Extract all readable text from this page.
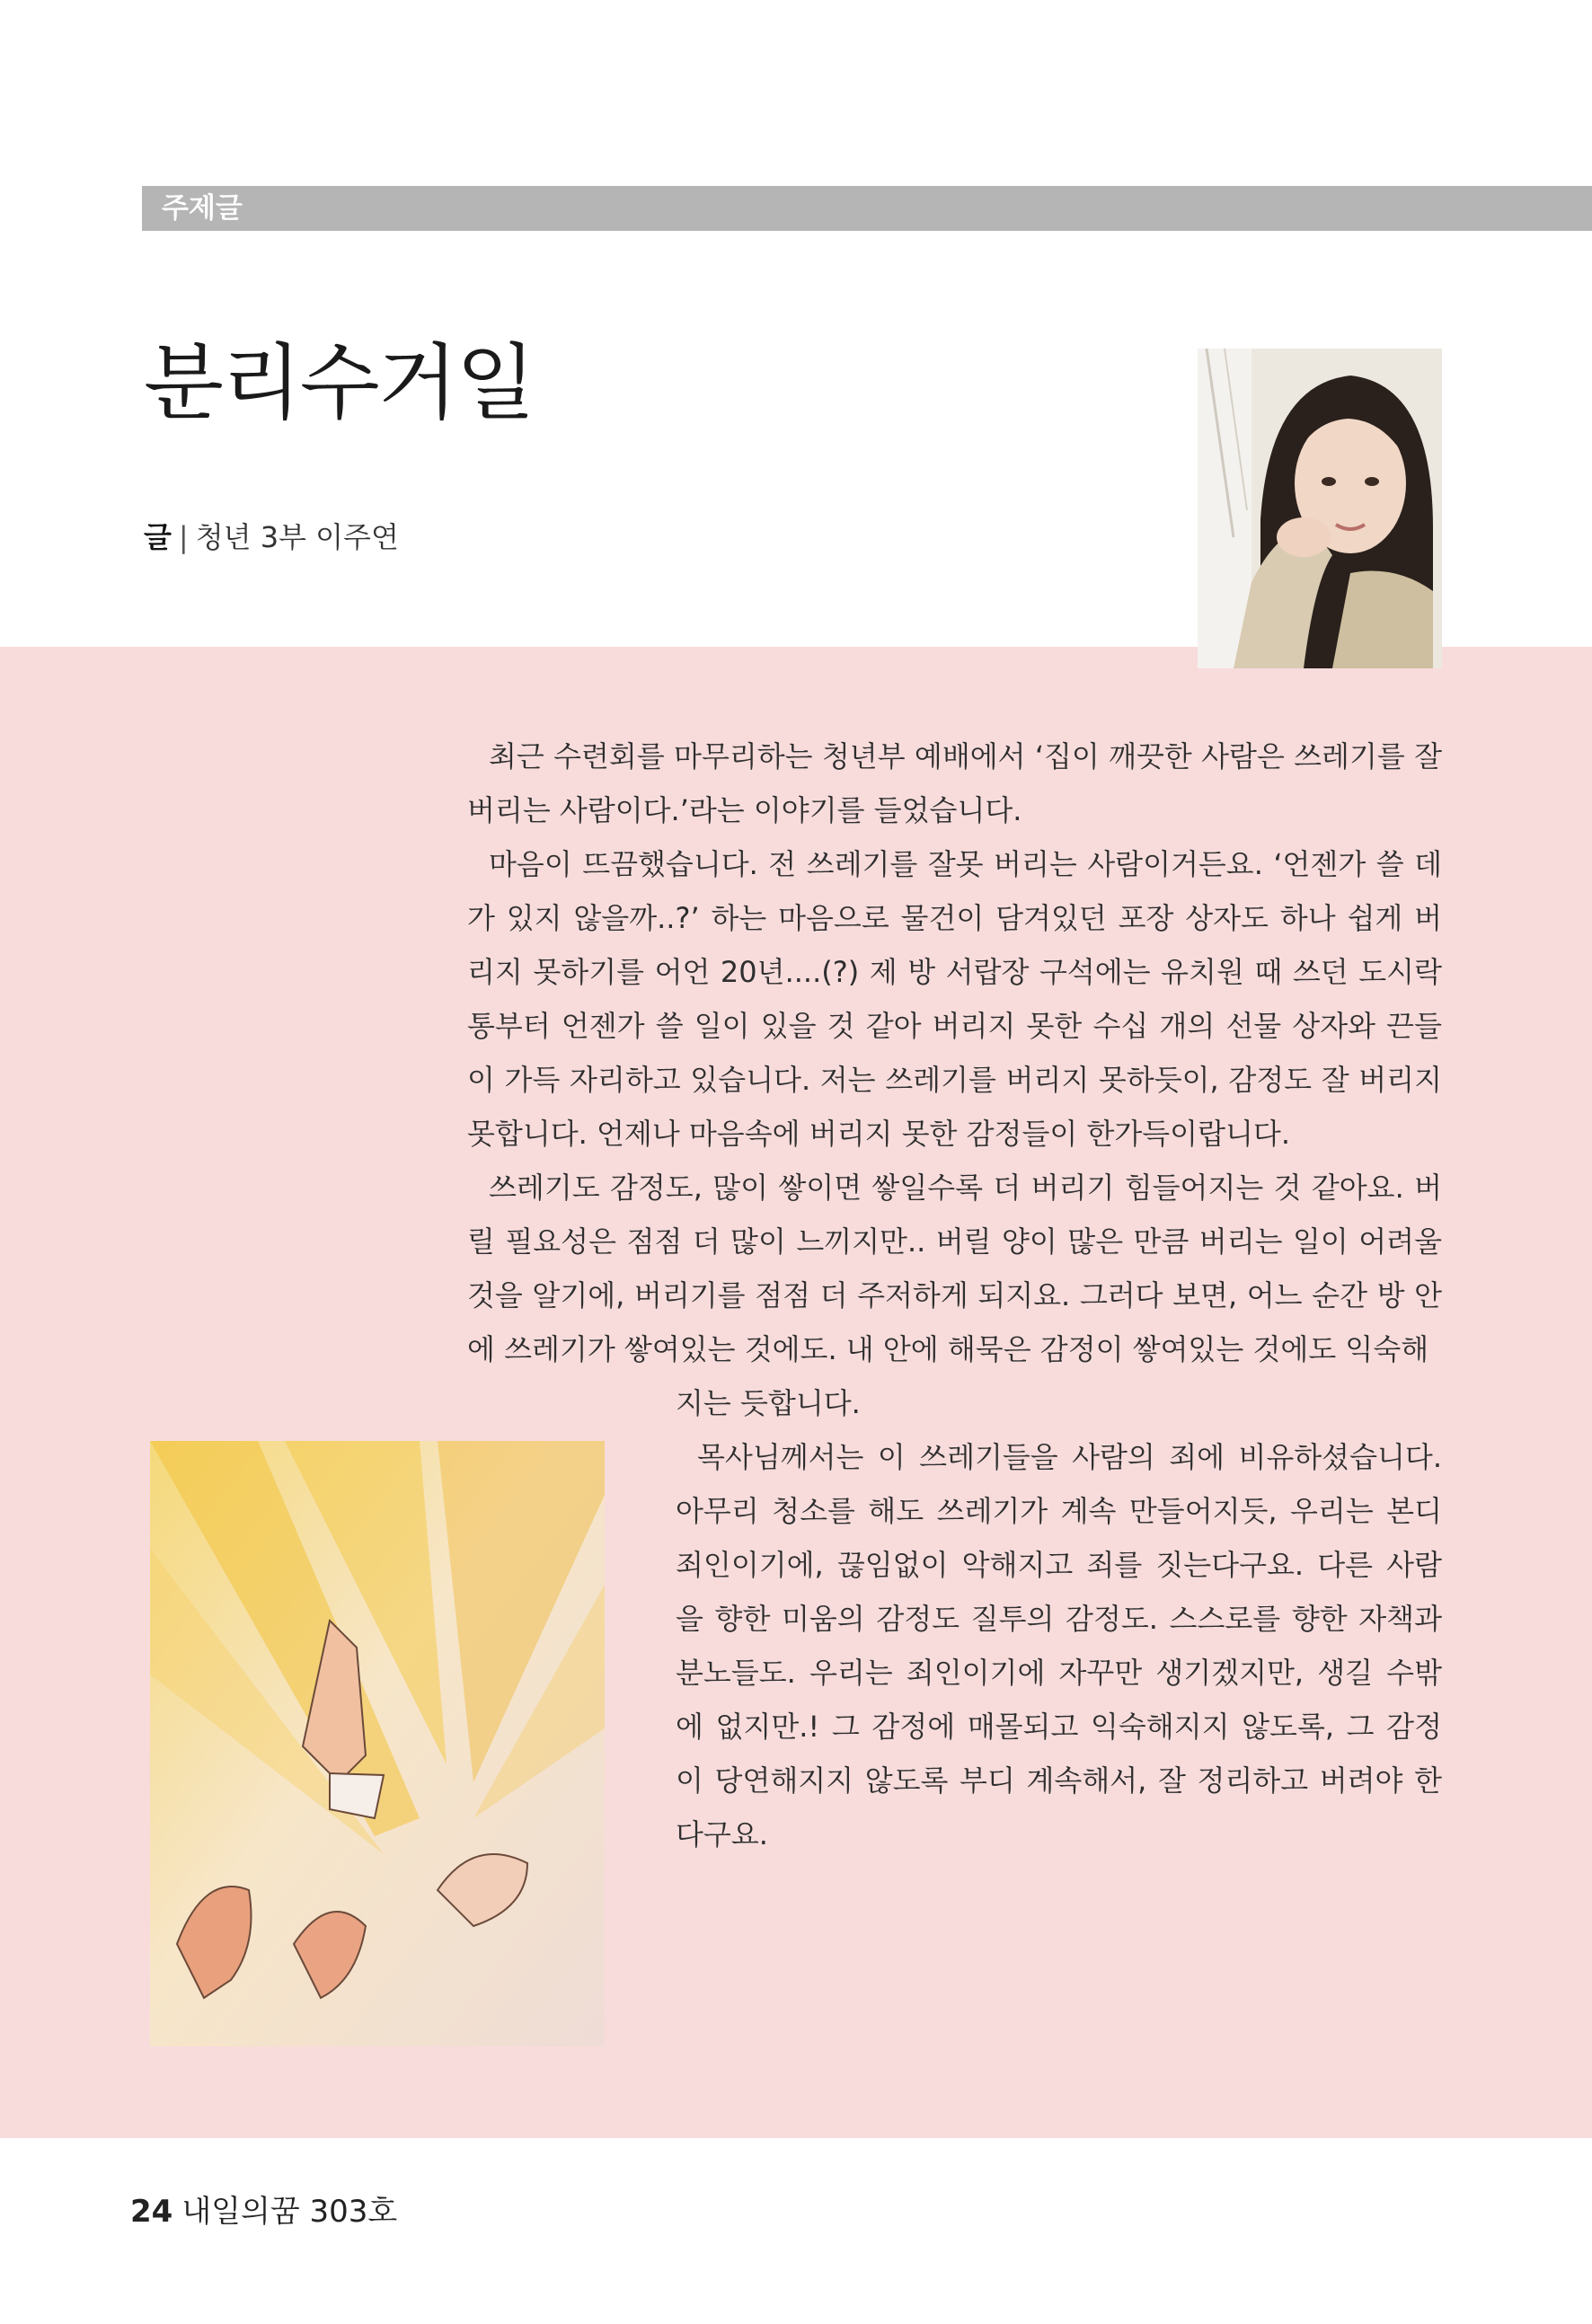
주제글
분리수거일
글 | 청년 3부 이주연

최근 수련회를 마무리하는 청년부 예배에서 ‘집이 깨끗한 사람은 쓰레기를 잘 버리는 사람이다.’라는 이야기를 들었습니다.

마음이 뜨끔했습니다. 전 쓰레기를 잘못 버리는 사람이거든요. ‘언젠가 쓸 데가 있지 않을까..?’ 하는 마음으로 물건이 담겨있던 포장 상자도 하나 쉽게 버리지 못하기를 어언 20년....(?) 제 방 서랍장 구석에는 유치원 때 쓰던 도시락통부터 언젠가 쓸 일이 있을 것 같아 버리지 못한 수십 개의 선물 상자와 끈들이 가득 자리하고 있습니다. 저는 쓰레기를 버리지 못하듯이, 감정도 잘 버리지 못합니다. 언제나 마음속에 버리지 못한 감정들이 한가득이랍니다.

쓰레기도 감정도, 많이 쌓이면 쌓일수록 더 버리기 힘들어지는 것 같아요. 버릴 필요성은 점점 더 많이 느끼지만.. 버릴 양이 많은 만큼 버리는 일이 어려울 것을 알기에, 버리기를 점점 더 주저하게 되지요. 그러다 보면, 어느 순간 방 안에 쓰레기가 쌓여있는 것에도. 내 안에 해묵은 감정이 쌓여있는 것에도 익숙해

지는 듯합니다.

목사님께서는 이 쓰레기들을 사람의 죄에 비유하셨습니다. 아무리 청소를 해도 쓰레기가 계속 만들어지듯, 우리는 본디 죄인이기에, 끊임없이 악해지고 죄를 짓는다구요. 다른 사람을 향한 미움의 감정도 질투의 감정도. 스스로를 향한 자책과 분노들도. 우리는 죄인이기에 자꾸만 생기겠지만, 생길 수밖에 없지만.! 그 감정에 매몰되고 익숙해지지 않도록, 그 감정이 당연해지지 않도록 부디 계속해서, 잘 정리하고 버려야 한다구요.

24 내일의꿈 303호
